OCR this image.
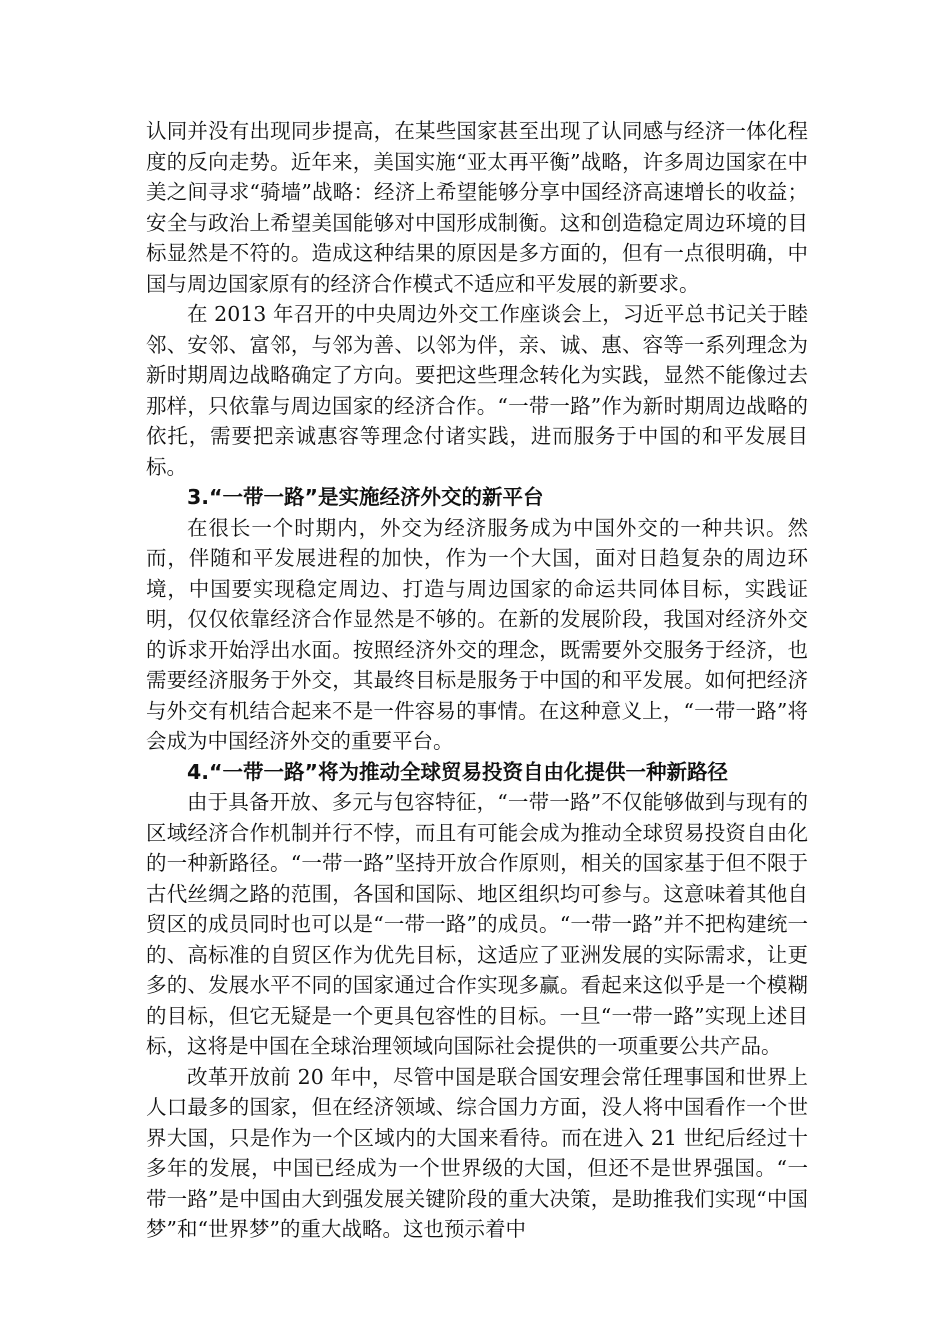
认同并没有出现同步提高，在某些国家甚至出现了认同感与经济一体化程度的反向走势。近年来，美国实施“亚太再平衡”战略，许多周边国家在中美之间寻求“骑墙”战略：经济上希望能够分享中国经济高速增长的收益；安全与政治上希望美国能够对中国形成制衡。这和创造稳定周边环境的目标显然是不符的。造成这种结果的原因是多方面的，但有一点很明确，中国与周边国家原有的经济合作模式不适应和平发展的新要求。

在 2013 年召开的中央周边外交工作座谈会上，习近平总书记关于睦邻、安邻、富邻，与邻为善、以邻为伴，亲、诚、惠、容等一系列理念为新时期周边战略确定了方向。要把这些理念转化为实践，显然不能像过去那样，只依靠与周边国家的经济合作。“一带一路”作为新时期周边战略的依托，需要把亲诚惠容等理念付诸实践，进而服务于中国的和平发展目标。

3.“一带一路”是实施经济外交的新平台

在很长一个时期内，外交为经济服务成为中国外交的一种共识。然而，伴随和平发展进程的加快，作为一个大国，面对日趋复杂的周边环境，中国要实现稳定周边、打造与周边国家的命运共同体目标，实践证明，仅仅依靠经济合作显然是不够的。在新的发展阶段，我国对经济外交的诉求开始浮出水面。按照经济外交的理念，既需要外交服务于经济，也需要经济服务于外交，其最终目标是服务于中国的和平发展。如何把经济与外交有机结合起来不是一件容易的事情。在这种意义上，“一带一路”将会成为中国经济外交的重要平台。

4.“一带一路”将为推动全球贸易投资自由化提供一种新路径

由于具备开放、多元与包容特征，“一带一路”不仅能够做到与现有的区域经济合作机制并行不悖，而且有可能会成为推动全球贸易投资自由化的一种新路径。“一带一路”坚持开放合作原则，相关的国家基于但不限于古代丝绸之路的范围，各国和国际、地区组织均可参与。这意味着其他自贸区的成员同时也可以是“一带一路”的成员。“一带一路”并不把构建统一的、高标准的自贸区作为优先目标，这适应了亚洲发展的实际需求，让更多的、发展水平不同的国家通过合作实现多赢。看起来这似乎是一个模糊的目标，但它无疑是一个更具包容性的目标。一旦“一带一路”实现上述目标，这将是中国在全球治理领域向国际社会提供的一项重要公共产品。

改革开放前 20 年中，尽管中国是联合国安理会常任理事国和世界上人口最多的国家，但在经济领域、综合国力方面，没人将中国看作一个世界大国，只是作为一个区域内的大国来看待。而在进入 21 世纪后经过十多年的发展，中国已经成为一个世界级的大国，但还不是世界强国。“一带一路”是中国由大到强发展关键阶段的重大决策，是助推我们实现“中国梦”和“世界梦”的重大战略。这也预示着中
